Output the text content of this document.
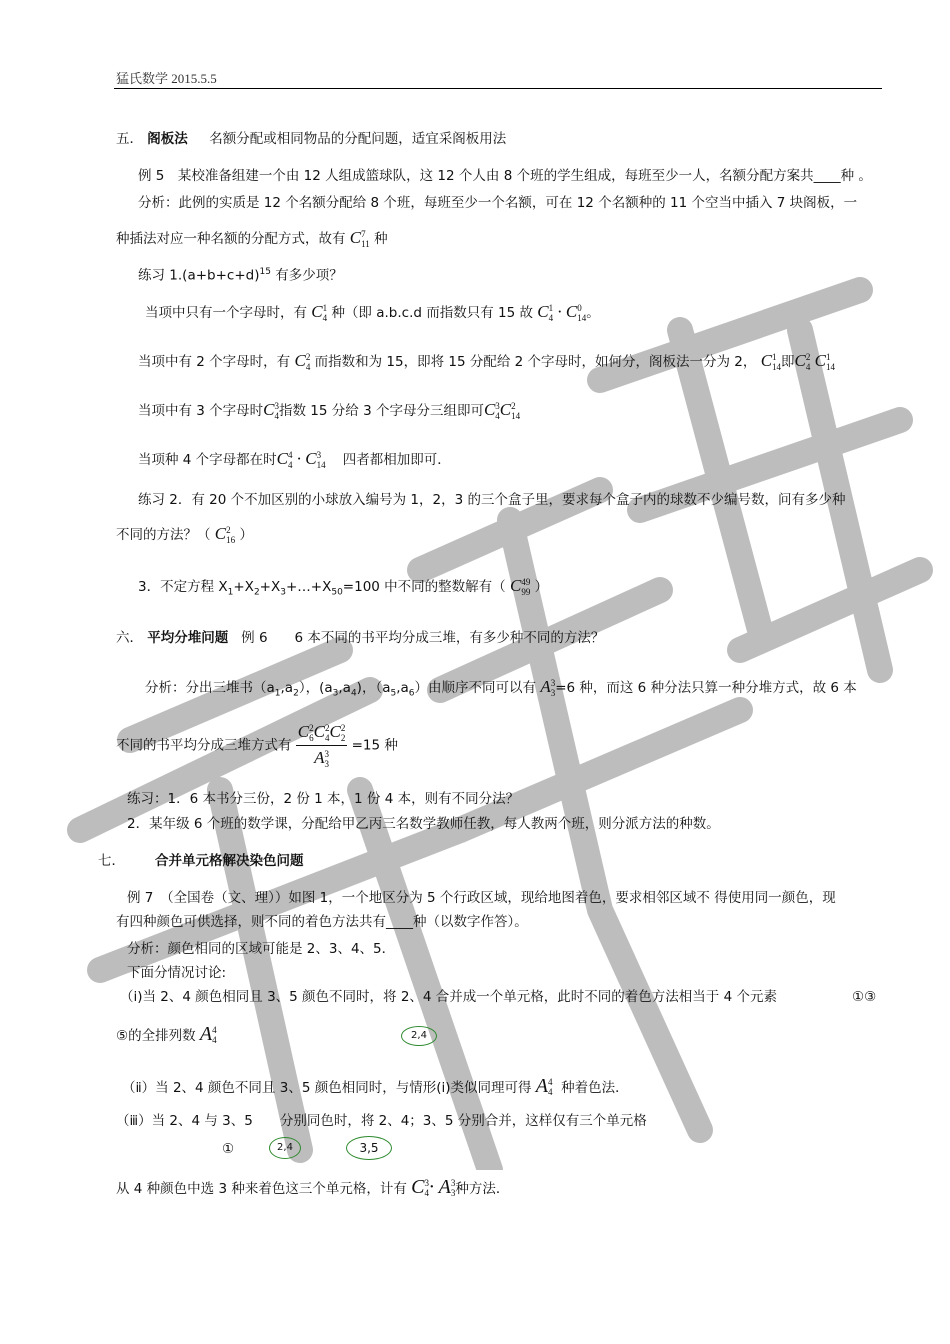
猛氏数学 2015.5.5
五． 阁板法 名额分配或相同物品的分配问题，适宜采阁板用法
例 5　某校准备组建一个由 12 人组成篮球队，这 12 个人由 8 个班的学生组成，每班至少一人，名额分配方案共____种 。
分析：此例的实质是 12 个名额分配给 8 个班，每班至少一个名额，可在 12 个名额种的 11 个空当中插入 7 块阁板，一
种插法对应一种名额的分配方式，故有 C 7
11 种
练习 $1.(a+b+c+d)^{15}$ 有多少项？
当项中只有一个字母时，有 C 1
4 种（即 a.b.c.d 而指数只有 15 故 C 1
4 · C 0
14 。
当项中有 2 个字母时，有 C 2
4 而指数和为 15，即将 15 分配给 2 个字母时，如何分，阁板法一分为 2， C 1
14 即C 2
4 C 1
14
当项中有 3 个字母时C 3
4 指数 15 分给 3 个字母分三组即可C 3
4 C 2
14
当项种 4 个字母都在时C 4
4 · C 3
14 四者都相加即可．
练习 2．有 20 个不加区别的小球放入编号为 1，2，3 的三个盒子里，要求每个盒子内的球数不少编号数，问有多少种
不同的方法？（ C 2
16 ）
3．不定方程 $X_1+X_2+X_3+\dots+X_{50}=100$ 中不同的整数解有（ C 49
99 ）
六． 平均分堆问题 例 6　　6 本不同的书平均分成三堆，有多少种不同的方法？
分析：分出三堆书$(a_1,a_2)$，$(a_3,a_4)$，$(a_5,a_6)$由顺序不同可以有 A 3
3 =6 种，而这 6 种分法只算一种分堆方式，故 6 本
不同的书平均分成三堆方式有 C 2
6 C 2
4 C 2
2
A 3
3 =15 种
练习：1．6 本书分三份，2 份 1 本，1 份 4 本，则有不同分法？
2．某年级 6 个班的数学课，分配给甲乙丙三名数学教师任教，每人教两个班，则分派方法的种数。
七． 合并单元格解决染色问题
例 7　（全国卷（文、理））如图 1，一个地区分为 5 个行政区域，现给地图着色，要求相邻区域不 得使用同一颜色，现
有四种颜色可供选择，则不同的着色方法共有____种（以数字作答）。
分析：颜色相同的区域可能是 2、3、4、5．
下面分情况讨论:
（ⅰ)当 2、4 颜色相同且 3、5 颜色不同时，将 2、4 合并成一个单元格，此时不同的着色方法相当于 4 个元素	①③
⑤的全排列数 A 4
4	2,4
（ⅱ）当 2、4 颜色不同且 3、5 颜色相同时，与情形(ⅰ)类似同理可得 A 4
4 种着色法．
（ⅲ）当 2、4 与 3、5　　分别同色时，将 2、4；3、5 分别合并，这样仅有三个单元格
①	2,4	3,5
从 4 种颜色中选 3 种来着色这三个单元格，计有 C 3
4 · A 3
3 种方法．
